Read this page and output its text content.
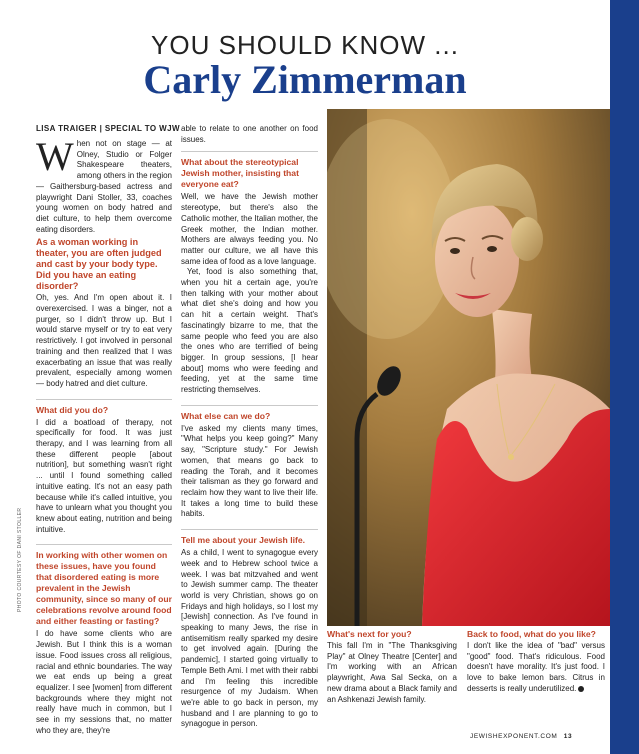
YOU SHOULD KNOW ...
Carly Zimmerman
LISA TRAIGER | SPECIAL TO WJW

When not on stage — at Olney, Studio or Folger Shakespeare theaters, among others in the region — Gaithersburg-based actress and playwright Dani Stoller, 33, coaches young women on body hatred and diet culture, to help them overcome eating disorders.

As a woman working in theater, you are often judged and cast by your body type. Did you have an eating disorder?

Oh, yes. And I'm open about it. I overexercised. I was a binger, not a purger, so I didn't throw up. But I would starve myself or try to eat very restrictively. I got involved in personal training and then realized that I was exacerbating an issue that was really prevalent, especially among women — body hatred and diet culture.

What did you do?

I did a boatload of therapy, not specifically for food. It was just therapy, and I was learning from all these different people [about nutrition], but something wasn't right ... until I found something called intuitive eating. It's not an easy path because while it's called intuitive, you have to unlearn what you thought you knew about eating, nutrition and being intuitive.

In working with other women on these issues, have you found that disordered eating is more prevalent in the Jewish community, since so many of our celebrations revolve around food and either feasting or fasting?

I do have some clients who are Jewish. But I think this is a woman issue. Food issues cross all religious, racial and ethnic boundaries. The way we eat ends up being a great equalizer. I see [women] from different backgrounds where they might not really have much in common, but I see in my sessions that, no matter who they are, they're

able to relate to one another on food issues.

What about the stereotypical Jewish mother, insisting that everyone eat?

Well, we have the Jewish mother stereotype, but there's also the Catholic mother, the Italian mother, the Greek mother, the Indian mother. Mothers are always feeding you. No matter our culture, we all have this same idea of food as a love language.

Yet, food is also something that, when you hit a certain age, you're then talking with your mother about what diet she's doing and how you can hit a certain weight. That's fascinatingly bizarre to me, that the same people who feed you are also the ones who are terrified of being bigger. In group sessions, [I hear about] moms who were feeding and feeding, yet at the same time restricting themselves.

What else can we do?

I've asked my clients many times, "What helps you keep going?" Many say, "Scripture study." For Jewish women, that means go back to reading the Torah, and it becomes their talisman as they go forward and reclaim how they want to live their life. It takes a long time to build these habits.

Tell me about your Jewish life.

As a child, I went to synagogue every week and to Hebrew school twice a week. I was bat mitzvahed and went to Jewish summer camp. The theater world is very Christian, shows go on Fridays and high holidays, so I lost my [Jewish] connection. As I've found in speaking to many Jews, the rise in antisemitism really sparked my desire to get involved again. [During the pandemic], I started going virtually to Temple Beth Ami. I met with their rabbi and I'm feeling this incredible resurgence of my Judaism. When we're able to go back in person, my husband and I are planning to go to synagogue in person.

PHOTO COURTESY OF DANI STOLLER
What's next for you?

This fall I'm in "The Thanksgiving Play" at Olney Theatre [Center] and I'm working with an African playwright, Awa Sal Secka, on a new drama about a Black family and an Ashkenazi Jewish family.

Back to food, what do you like?

I don't like the idea of "bad" versus "good" food. That's ridiculous. Food doesn't have morality. It's just food. I love to bake lemon bars. Citrus in desserts is really underutilized.

JEWISHEXPONENT.COM 13
